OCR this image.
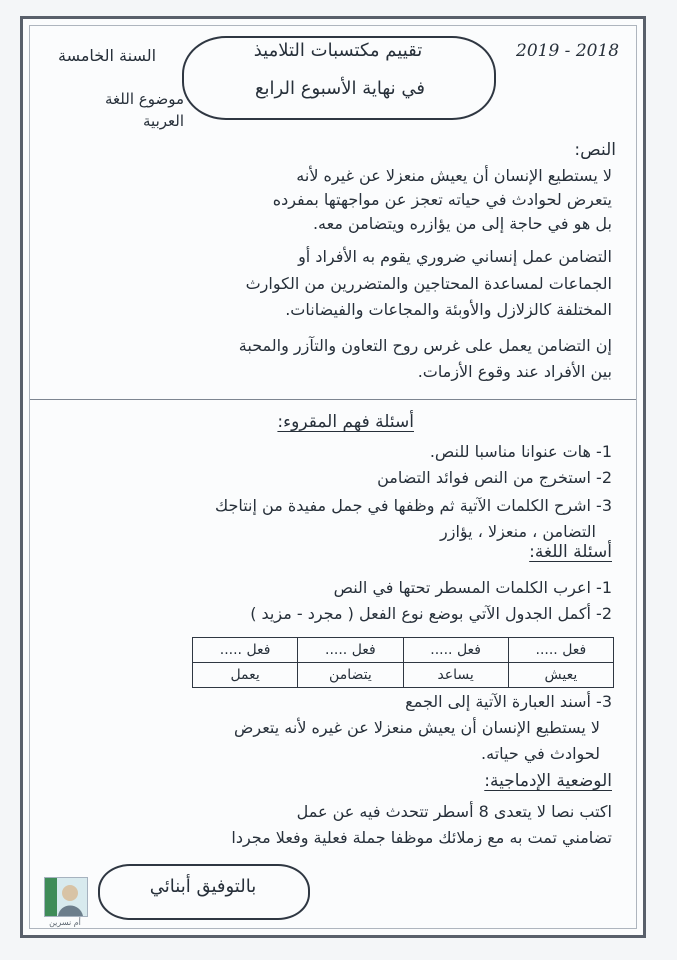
تقييم مكتسبات التلاميذ
في نهاية الأسبوع الرابع
2019 - 2018
السنة الخامسة
موضوع اللغة
العربية
النص:
لا يستطيع الإنسان أن يعيش منعزلا عن غيره لأنه
يتعرض لحوادث في حياته تعجز عن مواجهتها بمفرده
بل هو في حاجة إلى من يؤازره ويتضامن معه.
التضامن عمل إنساني ضروري يقوم به الأفراد أو
الجماعات لمساعدة المحتاجين والمتضررين من الكوارث
المختلفة كالزلازل والأوبئة والمجاعات والفيضانات.
إن التضامن يعمل على غرس روح التعاون والتآزر والمحبة
بين الأفراد عند وقوع الأزمات.
أسئلة فهم المقروء:
1- هات عنوانا مناسبا للنص.
2- استخرج من النص فوائد التضامن
3- اشرح الكلمات الآتية ثم وظفها في جمل مفيدة من إنتاجك
التضامن ، منعزلا ، يؤازر
أسئلة اللغة:
1- اعرب الكلمات المسطر تحتها في النص
2- أكمل الجدول الآتي بوضع نوع الفعل ( مجرد - مزيد )
فعل .....	فعل .....	فعل .....	فعل .....
يعيش	يساعد	يتضامن	يعمل
3- أسند العبارة الآتية إلى الجمع
لا يستطيع الإنسان أن يعيش منعزلا عن غيره لأنه يتعرض
لحوادث في حياته.
الوضعية الإدماجية:
اكتب نصا لا يتعدى 8 أسطر تتحدث فيه عن عمل
تضامني تمت به مع زملائك موظفا جملة فعلية وفعلا مجردا
بالتوفيق أبنائي
أم نسرين
